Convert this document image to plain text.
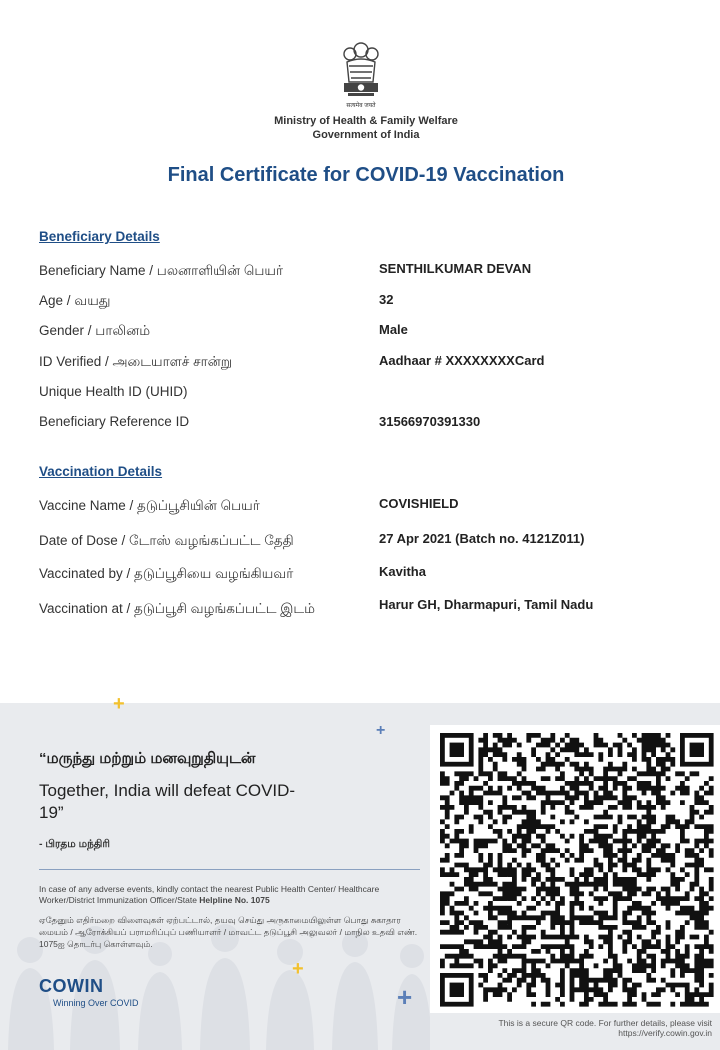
सत्यमेव जयते
Ministry of Health & Family Welfare
Government of India
Final Certificate for COVID-19 Vaccination
Beneficiary Details
Beneficiary Name / பலனாளியின் பெயர்	SENTHILKUMAR DEVAN
Age / வயது	32
Gender / பாலினம்	Male
ID Verified / அடையாளச் சான்று	Aadhaar # XXXXXXXXCard
Unique Health ID (UHID)
Beneficiary Reference ID	31566970391330
Vaccination Details
Vaccine Name / தடுப்பூசியின் பெயர்	COVISHIELD
Date of Dose / டோஸ் வழங்கப்பட்ட தேதி	27 Apr 2021 (Batch no. 4121Z011)
Vaccinated by / தடுப்பூசியை வழங்கியவர்	Kavitha
Vaccination at / தடுப்பூசி வழங்கப்பட்ட இடம்	Harur GH, Dharmapuri, Tamil Nadu
+
+
+
+
“மருந்து மற்றும் மனவுறுதியுடன்
Together, India will defeat COVID-19”
- பிரதம மந்திரி
In case of any adverse events, kindly contact the nearest Public Health Center/ Healthcare Worker/District Immunization Officer/State Helpline No. 1075
ஏதேனும் எதிர்மறை விளைவுகள் ஏற்பட்டால், தயவு செய்து அருகாமையிலுள்ள பொது சுகாதார மையம் / ஆரோக்கியப் பராமரிப்புப் பணியாளர் / மாவட்ட தடுப்பூசி அலுவலர் / மாநில உதவி எண். 1075ஐ தொடர்பு கொள்ளவும்.
COWIN
Winning Over COVID
This is a secure QR code. For further details, please visit https://verify.cowin.gov.in
